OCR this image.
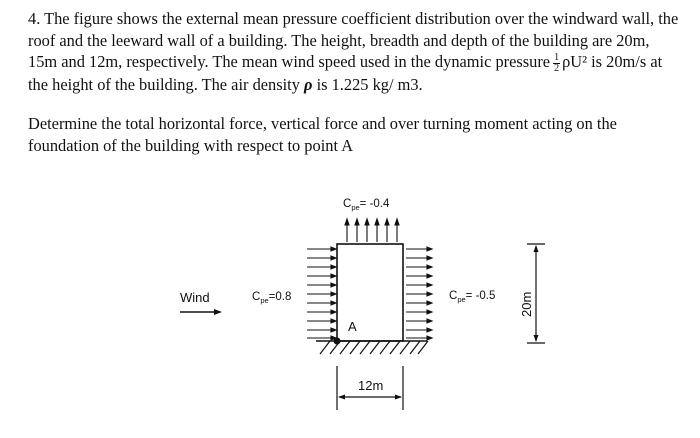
4. The figure shows the external mean pressure coefficient distribution over the windward wall, the roof and the leeward wall of a building. The height, breadth and depth of the building are 20m, 15m and 12m, respectively. The mean wind speed used in the dynamic pressure $\frac{1}{2} \rho U^2$ is 20m/s at the height of the building. The air density ρ is 1.225 kg/ m3.

Determine the total horizontal force, vertical force and over turning moment acting on the foundation of the building with respect to point A

A
$C_{pe}= -0.4$
$C_{pe}=0.8$	$C_{pe}= -0.5$
Wind
12m
20m
